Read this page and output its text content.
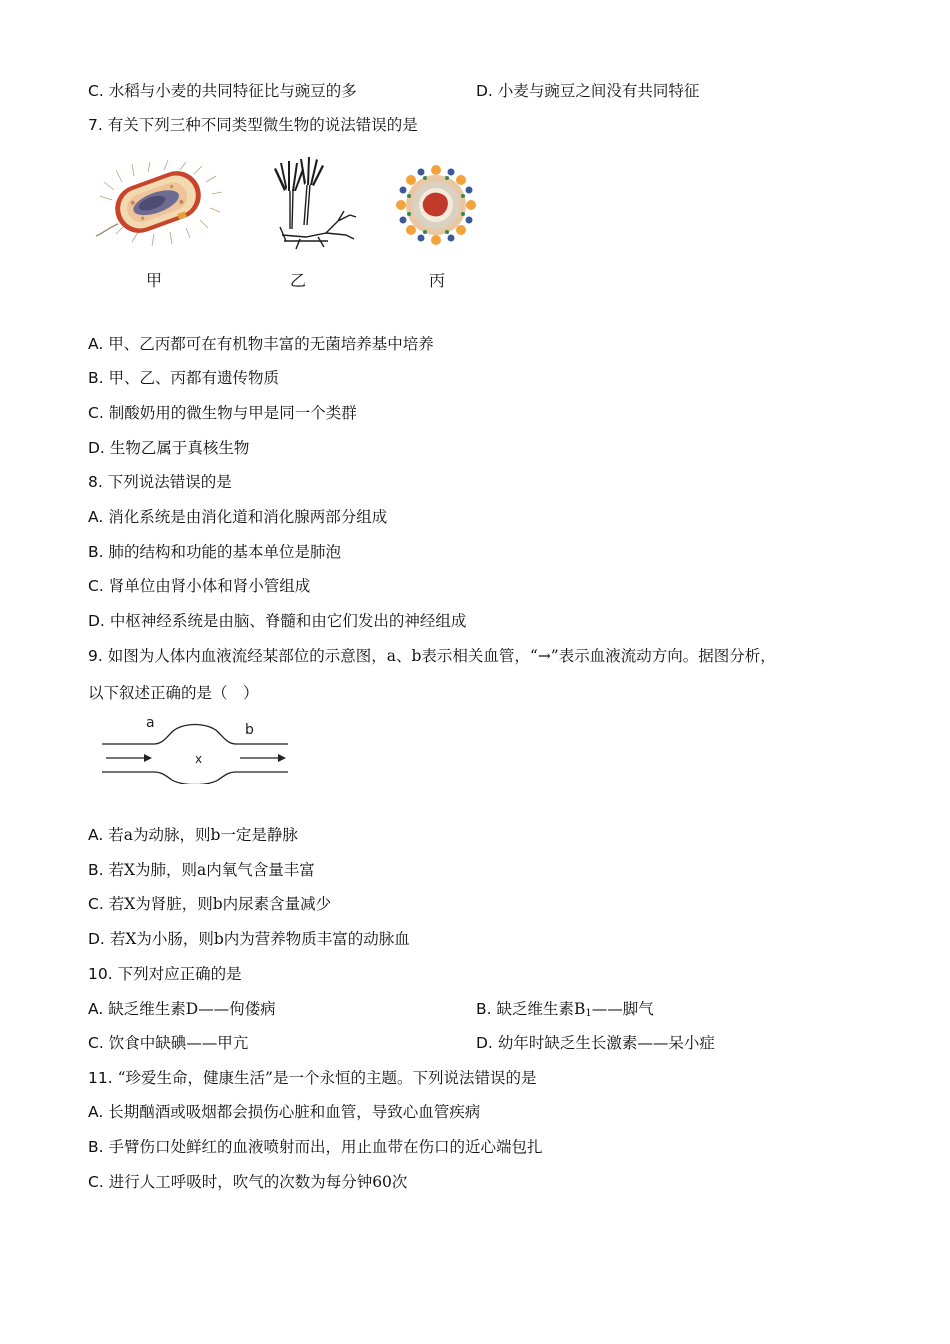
C. 水稻与小麦的共同特征比与豌豆的多	D. 小麦与豌豆之间没有共同特征
7. 有关下列三种不同类型微生物的说法错误的是
甲	乙	丙
A. 甲、乙丙都可在有机物丰富的无菌培养基中培养
B. 甲、乙、丙都有遗传物质
C. 制酸奶用的微生物与甲是同一个类群
D. 生物乙属于真核生物
8. 下列说法错误的是
A. 消化系统是由消化道和消化腺两部分组成
B. 肺的结构和功能的基本单位是肺泡
C. 肾单位由肾小体和肾小管组成
D. 中枢神经系统是由脑、脊髓和由它们发出的神经组成
9. 如图为人体内血液流经某部位的示意图，a、b表示相关血管，“→”表示血液流动方向。据图分析，
以下叙述正确的是（　）
a	b
x
A. 若a为动脉，则b一定是静脉
B. 若X为肺，则a内氧气含量丰富
C. 若X为肾脏，则b内尿素含量减少
D. 若X为小肠，则b内为营养物质丰富的动脉血
10. 下列对应正确的是
A. 缺乏维生素D——佝偻病	B. 缺乏维生素$B_1——$脚气
C. 饮食中缺碘——甲亢	D. 幼年时缺乏生长激素——呆小症
11. “珍爱生命，健康生活”是一个永恒的主题。下列说法错误的是
A. 长期酗酒或吸烟都会损伤心脏和血管，导致心血管疾病
B. 手臂伤口处鲜红的血液喷射而出，用止血带在伤口的近心端包扎
C. 进行人工呼吸时，吹气的次数为每分钟60次
